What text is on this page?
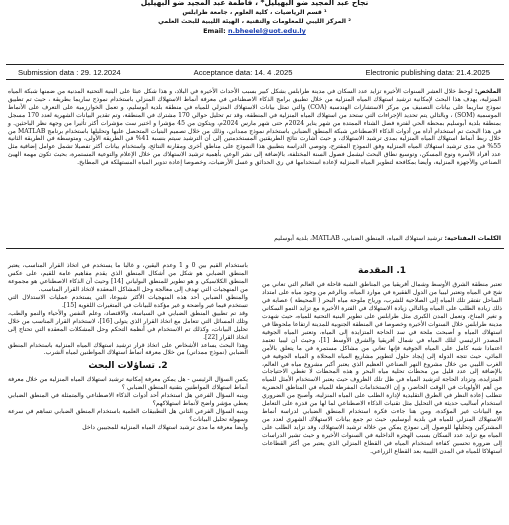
نجاح عبد المجيد ضو البهيليل* ، فاطمة عبد المجيد ضو البهيليل
¹ قسم الرياضيات ، كلية العلوم ، جامعة طرابلس
² المركز الليبي للمعلومات والتقنية ، الهيئة الليبية للبحث العلمي
Email: n.bheelel@uot.edu.ly
Submission data : 29. 12.2024	Acceptance data: 14. 4 .2025	Electronic publishing data: 21.4.2025
الملخص: لوحظ خلال العشر السنوات الأخيرة تزايد عدد السكان في مدينة طرابلس بشكل كبير بسبب الأحداث الأخيرة في البلاد، و هذا شكل عبئا على البنية التحتية المدنية من ضمنها شبكة المياه المنزلية، يهدف هذا البحث لإمكانية ترشيد استهلاك المياه المنزلية من خلال تطبيق برامج الذكاء الاصطناعي في معرفة أنماط الاستهلاك المنزلي باستخدام نموذج ساريما بطريقة ، حيث تم تطبيق نموذج ساريما على بيانات التصنيف من مركز الاستشارات الهندسية (COA) والتي تمثل بيانات الاستهلاك المنزلي للمياه في منطقة بلدية أبوسليم، و تعمل الخوارزمية على التعرف على الأنماط الموسمية (SOM) ، وبالتالي يتم تحديد الإجراءات التي ستحد من استهلاك المياه المنزلية في المنطقة، وقد تم تحليل حوالي 170 مشترك في المنطقة، وتم تقدير البيانات الشهرية لعدد 170 مسجل بمنطقة بلدية أبوسليم بمحطة الحي لفترة فصل الشتاء الممتدة من شهر يناير 2024م حتى شهر مارس 2024م، ويتكون من 45 مؤشرا و اختير ست مؤشرات أكثر تأثيرا من وجهة نظر الباحثين. و في هذا البحث تم استخدام أداة من أدوات الذكاء الاصطناعي شبكة المنطق الضبابي باستخدام نموذج ممداني، وذلك من خلال تصميم البنيات المتحصل عليها وتحليلها باستخدام برنامج MATLAB من خلال ربط أنماط استهلاك المياه المنزلية بمدى ترشيد الاستهلاك، و حيث أشارت نتائج الطريقتين المستخدمتين إلى أن الترشيد سيتم بنسبة 41% في الطريقة الأولى، ومتوسطة في الطريقة الثانية 55% في مدى ترشيد استهلاك المياه المنزلية وفق النموذج المقترح، وتوصي الدراسة بتطبيق هذا النموذج على مناطق أخرى ومقارنة النتائج، واستخدام بيانات أكثر تفصيلا تشمل عوامل إضافية مثل عدد أفراد الأسرة ونوع المسكن، وتوسيع نطاق البحث ليشمل فصول السنة المختلفة، بالإضافة إلى نشر الوعي بأهمية ترشيد الاستهلاك من خلال الإعلام والتوعية المستمرة، بحيث تكون مهمة الهيئ الصناعي والأجهزة المنزلية، وأيضا بمكافحة لتطوير المياه المنزلية لإعادة استخدامها في ري الحدائق و غسل الأرضيات، وخصوصا إعادة تدوير المياه المستهلكة في المطابخ.
الكلمات المفتاحية: ترشيد استهلاك المياه، المنطق الضبابي، MATLAB، بلدية أبوسليم
1. المقدمة

تعتبر منطقة الشرق الأوسط وشمال أفريقيا من المناطق الشبه قاحلة في العالم التي تعاني من شح في المياه وتعتبر ليبيا من الدول الفقيرة في موارد المياه، وبالرغم من وجود مياه على امتداد الساحل تفتقر تلك المياه إلى الصلاحية للشرب، ورياح ملوحة مياه البحر ( المحيطة ) عصابة في ذلك زيادة الطلب على المياه وبالتالي زيادة الاستهلاك في الفترة الأخيرة مع تزايد النمو السكاني و تغير المناخ، وتعمل المدن الكبرى مثل طرابلس على تطوير البنية التحتية للمياه، حيث شهدت مدينة طرابلس خلال السنوات الأخيرة وخصوصا في المنطقة الجنوبية للمدينة ارتفاعا ملحوظا في استهلاك المياه و أصبحت ملحة في سد الحاجة المتزايدة إلى المياه، وتعتبر المياه الجوفية المصدر الرئيسي لتلك المياه في شمال أفريقيا والشرق الأوسط [1]، وحيث أن ليبيا تعتمد اعتمادا شبه كامل على المياه الجوفية فإنها تعاني من مشاكل مستمرة في ما يتعلق بالأمن المائي، حيث تتجه الدولة إلى إيجاد حلول لتطوير مشاريع المياه المحلاة و المياه الجوفية في الغرب الليبي من خلال مشروع النهر الصناعي العظيم الذي يعتبر أكبر مشروع مياه في العالم، بالإضافة إلى عدد قليل من محطات تحلية مياه البحر و هذه المحطات لا تغطي الاحتياجات المتزايدة، وتزداد الحاجة لترشيد المياه في ظل تلك الظروف حيث يعتبر الاستخدام الأمثل للمياه من أهم الأولويات في الوقت الحاضر، و إن الاستخدامات المفرطة للمياه في المناطق الحضرية تتطلب إعادة النظر في الطرق التقليدية لإدارة الطلب على المياه المنزلية، وأصبح من الضروري استخدام أساليب حديثة في التحليل مثل تقنيات الذكاء الاصطناعي لما لها من قدرة على التعامل مع البيانات غير المؤكدة، ومن هنا جاءت فكرة استخدام المنطق الضبابي لدراسة أنماط الاستهلاك المنزلي للمياه في بلدية أبوسليم، حيث تم جمع بيانات الاستهلاك الشهري لعدد من المشتركين وتحليلها للوصول إلى نموذج يمكن من خلاله ترشيد الاستهلاك، وقد تزايد الطلب على المياه مع تزايد عدد السكان بسبب الهجرة الداخلية في السنوات الأخيرة و حيث تشير الدراسات إلى ضرورة تحسين كفاءة استخدام المياه في القطاع المنزلي الذي يعتبر من أكثر القطاعات استهلاكا للمياه في المدن الليبية بعد القطاع الزراعي.

باستخدام القيم بين 0 و 1 وعدم اليقين، و غالبا ما يستخدم في اتخاذ القرار المناسب، يعتبر المنطق الضبابي هو شكل من أشكال المنطق الذي يقدم مفاهيم عامة للقيم، على عكس المنطق الكلاسيكي و هو تطوير للمنطق البولياني [14] وحيث أن الذكاء الاصطناعي هو مجموعة من المنهجيات التي تهدف إلى معالجة وحل المشاكل المعقدة لاتخاذ القرار المناسب.

والمنطق الضبابي أحد هذه المنهجيات الأكثر شيوعا، التي يستخدم عمليات الاستدلال التي تستخدم قيما غير واضحة و غير مؤكدة للبيانات في المتغيرات اللغوية [15].

وقد تم تطبيق المنطق الضبابي في السياسة، والاقتصاد، وعلم النفس والأحياء والنمو والطب، وتلك المسائل التي تتعامل مع اتخاذ القرار الذي يتولى [16]، لاستخدام القرار المناسب من خلال تحليل البيانات، وكذلك تم الاستخدام في أنظمة التحكم وحل المشكلات المعقدة التي تحتاج إلى اتخاذ القرار [22].

وهذا البحث يساعد الأشخاص على اتخاذ قرار ترشيد استهلاك المياه المنزلية باستخدام المنطق الضبابي (نموذج ممداني) من خلال معرفة أنماط استهلاك المواطنين لمياه الشرب.

2. تساؤلات البحث

يكمن السؤال الرئيسي - هل يمكن معرفة إمكانية ترشيد استهلاك المياه المنزلية من خلال معرفة أنماط استهلاك المواطنين بتقنية المنطق الضبابي ؟

وينبه السؤال الفرعي هل استخدام أحد أدوات الذكاء الاصطناعي والمتمثلة في المنطق الضبابي يعطي مؤشر واضح لأنماط استهلاكهم؟

وينبه السؤال الفرعي الثاني هل التطبيقات العلمية باستخدام المنطق الضبابي تساهم في سرعة وسهولة تحليل البيانات؟

وأيضا معرفة ما مدى ترشيد استهلاك المياه المنزلية للمجيبين داخل
